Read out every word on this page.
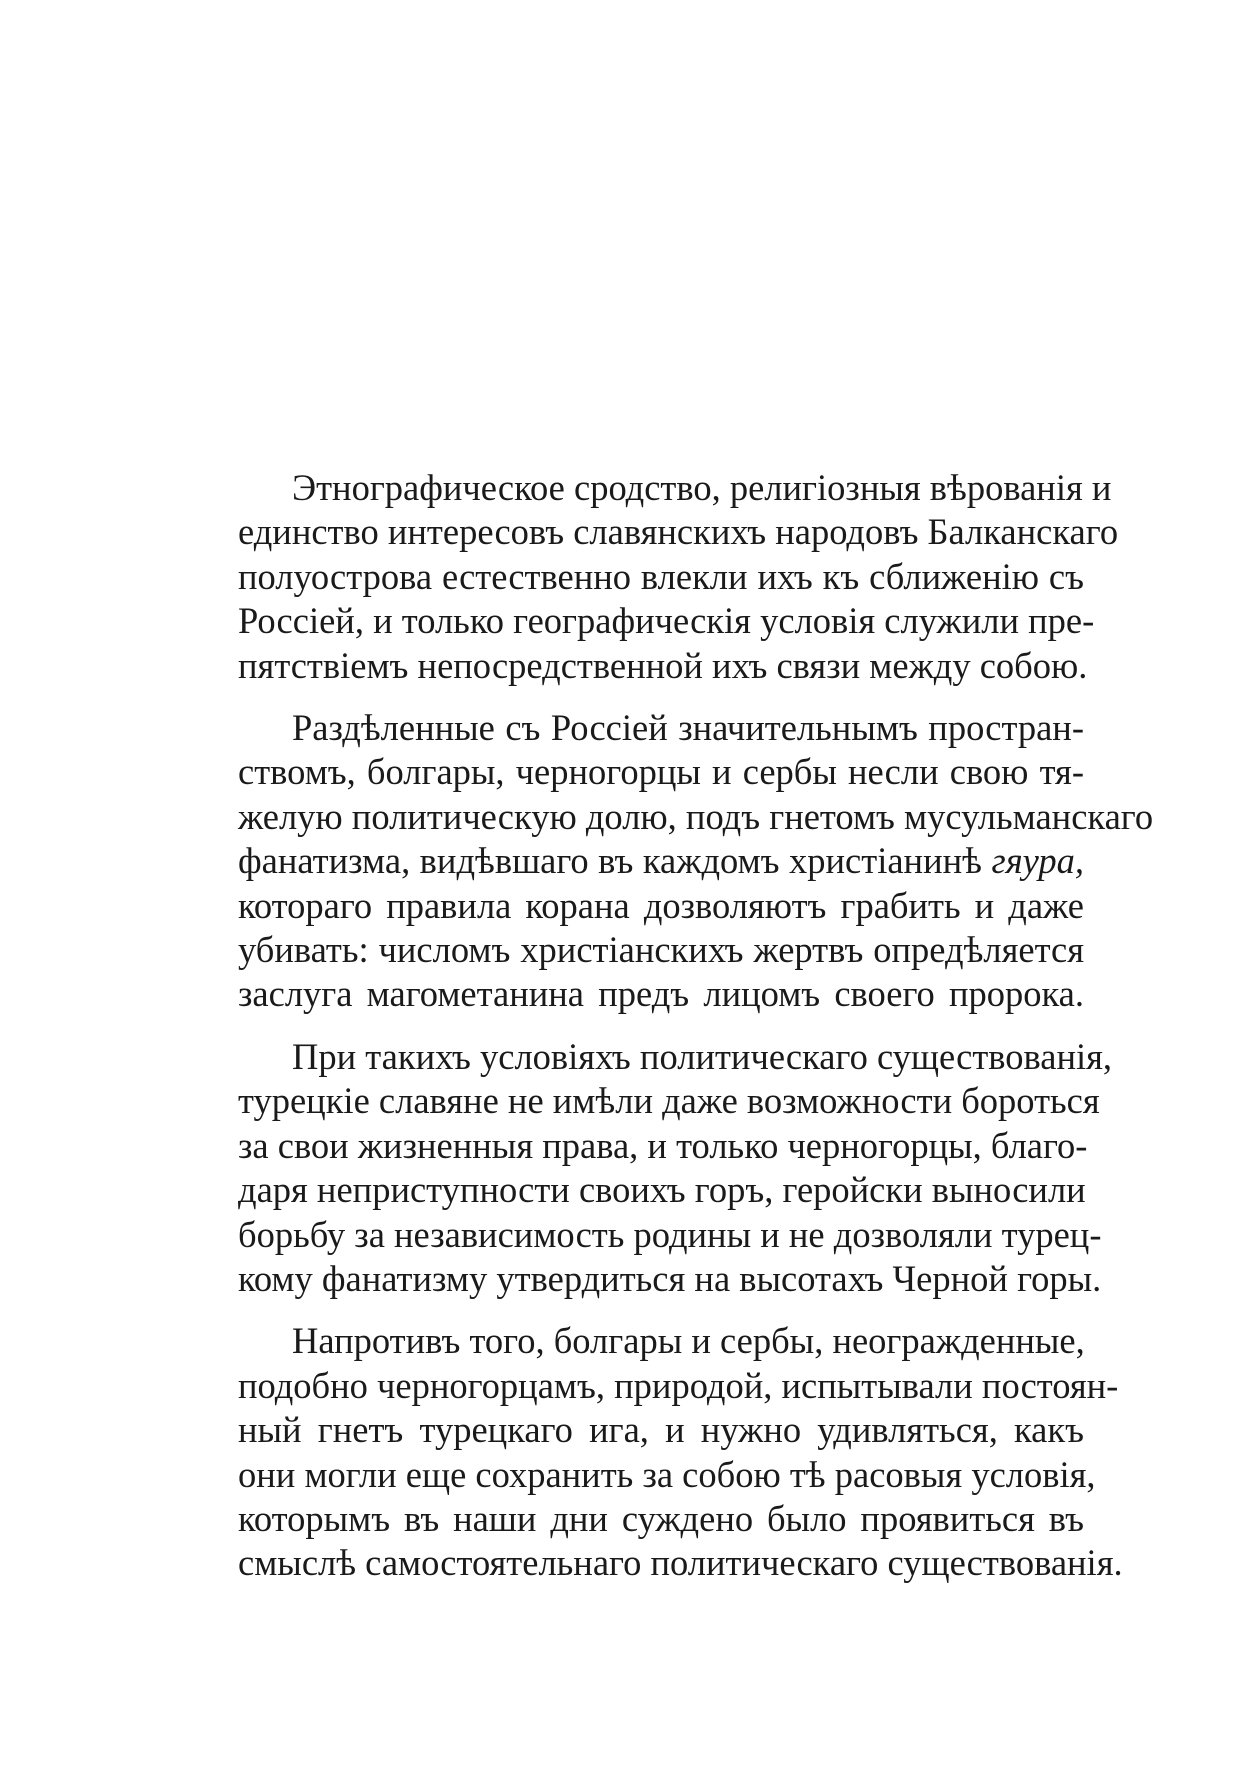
Этнографическое сродство, религіозныя вѣрованія и
единство интересовъ славянскихъ народовъ Балканскаго
полуострова естественно влекли ихъ къ сближенію съ
Россіей, и только географическія условія служили пре-
пятствіемъ непосредственной ихъ связи между собою.

Раздѣленные съ Россіей значительнымъ простран-
ствомъ, болгары, черногорцы и сербы несли свою тя-
желую политическую долю, подъ гнетомъ мусульманскаго
фанатизма, видѣвшаго въ каждомъ христіанинѣ гяура,
котораго правила корана дозволяютъ грабить и даже
убивать: числомъ христіанскихъ жертвъ опредѣляется
заслуга магометанина предъ лицомъ своего пророка.

При такихъ условіяхъ политическаго существованія,
турецкіе славяне не имѣли даже возможности бороться
за свои жизненныя права, и только черногорцы, благо-
даря неприступности своихъ горъ, геройски выносили
борьбу за независимость родины и не дозволяли турец-
кому фанатизму утвердиться на высотахъ Черной горы.

Напротивъ того, болгары и сербы, неогражденные,
подобно черногорцамъ, природой, испытывали постоян-
ный гнетъ турецкаго ига, и нужно удивляться, какъ
они могли еще сохранить за собою тѣ расовыя условія,
которымъ въ наши дни суждено было проявиться въ
смыслѣ самостоятельнаго политическаго существованія.
